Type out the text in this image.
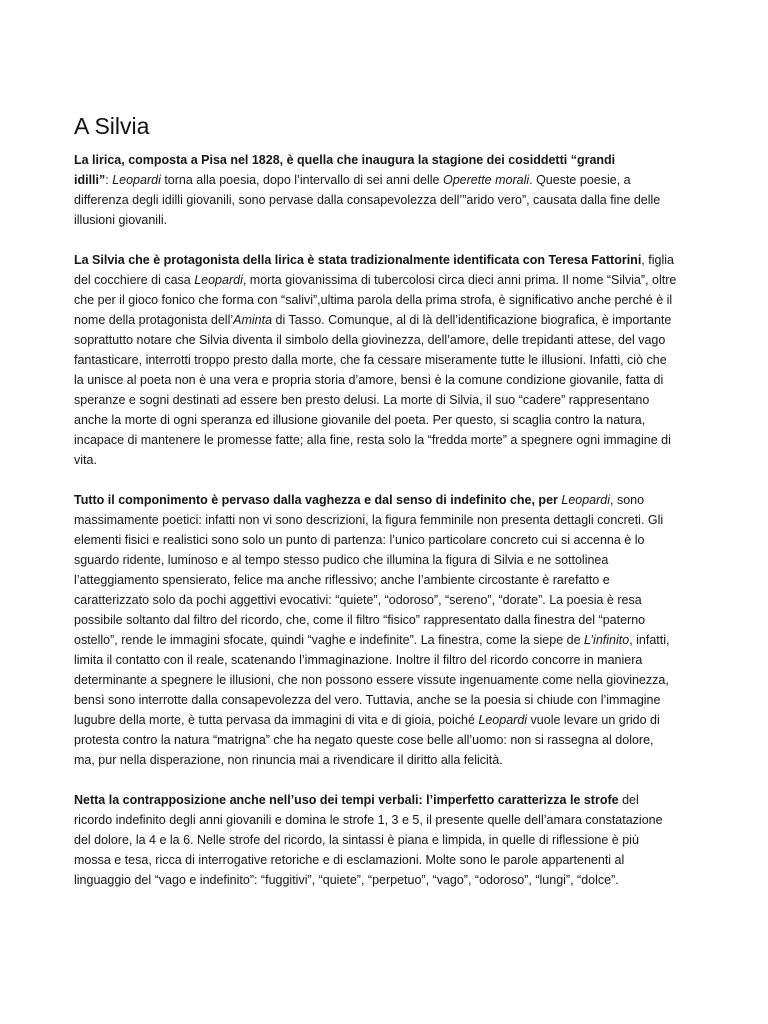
A Silvia

La lirica, composta a Pisa nel 1828, è quella che inaugura la stagione dei cosiddetti “grandi
idilli”: Leopardi torna alla poesia, dopo l’intervallo di sei anni delle Operette morali. Queste poesie, a
differenza degli idilli giovanili, sono pervase dalla consapevolezza dell’”arido vero”, causata dalla fine delle
illusioni giovanili.

La Silvia che è protagonista della lirica è stata tradizionalmente identificata con Teresa Fattorini, figlia
del cocchiere di casa Leopardi, morta giovanissima di tubercolosi circa dieci anni prima. Il nome “Silvia”, oltre
che per il gioco fonico che forma con “salivi”,ultima parola della prima strofa, è significativo anche perché è il
nome della protagonista dell’Aminta di Tasso. Comunque, al di là dell’identificazione biografica, è importante
soprattutto notare che Silvia diventa il simbolo della giovinezza, dell’amore, delle trepidanti attese, del vago
fantasticare, interrotti troppo presto dalla morte, che fa cessare miseramente tutte le illusioni. Infatti, ciò che
la unisce al poeta non è una vera e propria storia d’amore, bensì è la comune condizione giovanile, fatta di
speranze e sogni destinati ad essere ben presto delusi. La morte di Silvia, il suo “cadere” rappresentano
anche la morte di ogni speranza ed illusione giovanile del poeta. Per questo, si scaglia contro la natura,
incapace di mantenere le promesse fatte; alla fine, resta solo la “fredda morte” a spegnere ogni immagine di
vita.

Tutto il componimento è pervaso dalla vaghezza e dal senso di indefinito che, per Leopardi, sono
massimamente poetici: infatti non vi sono descrizioni, la figura femminile non presenta dettagli concreti. Gli
elementi fisici e realistici sono solo un punto di partenza: l’unico particolare concreto cui si accenna è lo
sguardo ridente, luminoso e al tempo stesso pudico che illumina la figura di Silvia e ne sottolinea
l’atteggiamento spensierato, felice ma anche riflessivo; anche l’ambiente circostante è rarefatto e
caratterizzato solo da pochi aggettivi evocativi: “quiete”, “odoroso”, “sereno”, “dorate”. La poesia è resa
possibile soltanto dal filtro del ricordo, che, come il filtro “fisico” rappresentato dalla finestra del “paterno
ostello”, rende le immagini sfocate, quindi “vaghe e indefinite”. La finestra, come la siepe de L’infinito, infatti,
limita il contatto con il reale, scatenando l’immaginazione. Inoltre il filtro del ricordo concorre in maniera
determinante a spegnere le illusioni, che non possono essere vissute ingenuamente come nella giovinezza,
bensì sono interrotte dalla consapevolezza del vero. Tuttavia, anche se la poesia si chiude con l’immagine
lugubre della morte, è tutta pervasa da immagini di vita e di gioia, poiché Leopardi vuole levare un grido di
protesta contro la natura “matrigna” che ha negato queste cose belle all’uomo: non si rassegna al dolore,
ma, pur nella disperazione, non rinuncia mai a rivendicare il diritto alla felicità.

Netta la contrapposizione anche nell’uso dei tempi verbali: l’imperfetto caratterizza le strofe del
ricordo indefinito degli anni giovanili e domina le strofe 1, 3 e 5, il presente quelle dell’amara constatazione
del dolore, la 4 e la 6. Nelle strofe del ricordo, la sintassi è piana e limpida, in quelle di riflessione è più
mossa e tesa, ricca di interrogative retoriche e di esclamazioni. Molte sono le parole appartenenti al
linguaggio del “vago e indefinito”: “fuggitivi”, “quiete”, “perpetuo”, “vago”, “odoroso”, “lungi”, “dolce”.
